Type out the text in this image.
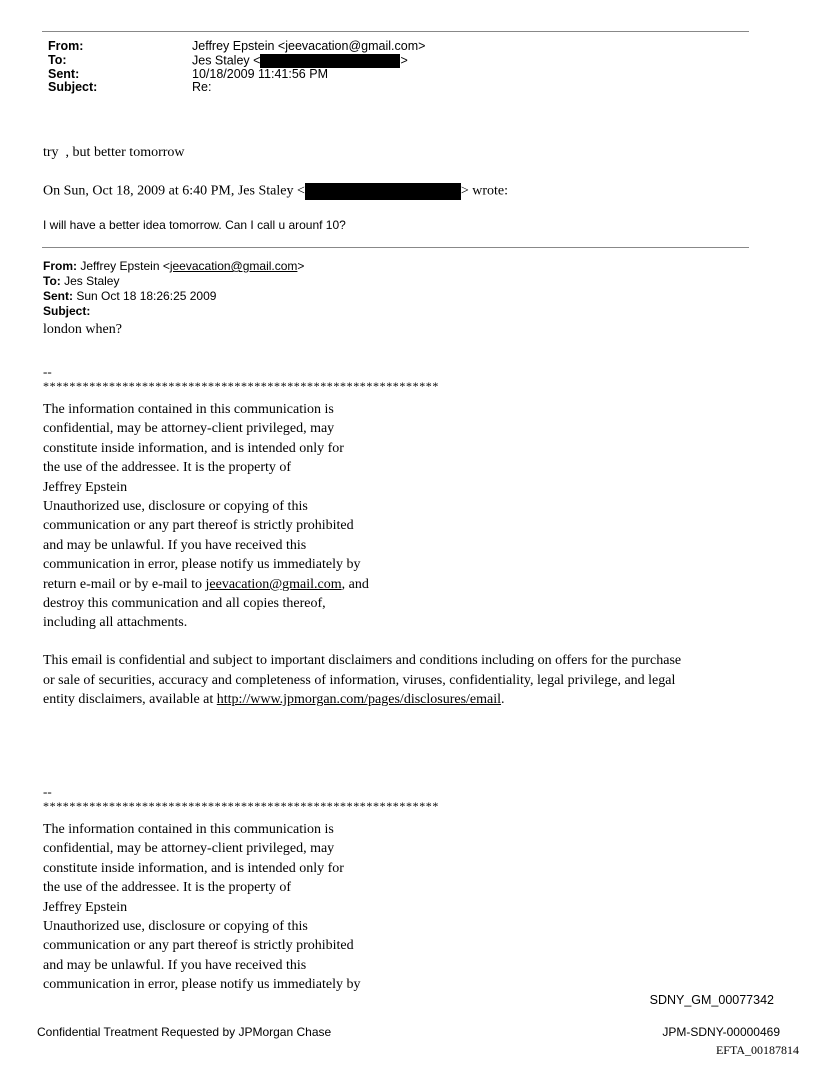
From:	Jeffrey Epstein <jeevacation@gmail.com>
To:	Jes Staley <	>
Sent:	10/18/2009 11:41:56 PM
Subject:	Re:
try  , but better tomorrow
On Sun, Oct 18, 2009 at 6:40 PM, Jes Staley <	> wrote:
I will have a better idea tomorrow. Can I call u arounf 10?
From: Jeffrey Epstein <jeevacation@gmail.com>
To: Jes Staley
Sent: Sun Oct 18 18:26:25 2009
Subject:
london when?
--
************************************************************
The information contained in this communication is
confidential, may be attorney-client privileged, may
constitute inside information, and is intended only for
the use of the addressee. It is the property of
Jeffrey Epstein
Unauthorized use, disclosure or copying of this
communication or any part thereof is strictly prohibited
and may be unlawful. If you have received this
communication in error, please notify us immediately by
return e-mail or by e-mail to jeevacation@gmail.com, and
destroy this communication and all copies thereof,
including all attachments.
This email is confidential and subject to important disclaimers and conditions including on offers for the purchase
or sale of securities, accuracy and completeness of information, viruses, confidentiality, legal privilege, and legal
entity disclaimers, available at http://www.jpmorgan.com/pages/disclosures/email.
--
************************************************************
The information contained in this communication is
confidential, may be attorney-client privileged, may
constitute inside information, and is intended only for
the use of the addressee. It is the property of
Jeffrey Epstein
Unauthorized use, disclosure or copying of this
communication or any part thereof is strictly prohibited
and may be unlawful. If you have received this
communication in error, please notify us immediately by
SDNY_GM_00077342
Confidential Treatment Requested by JPMorgan Chase	JPM-SDNY-00000469
EFTA_00187814
